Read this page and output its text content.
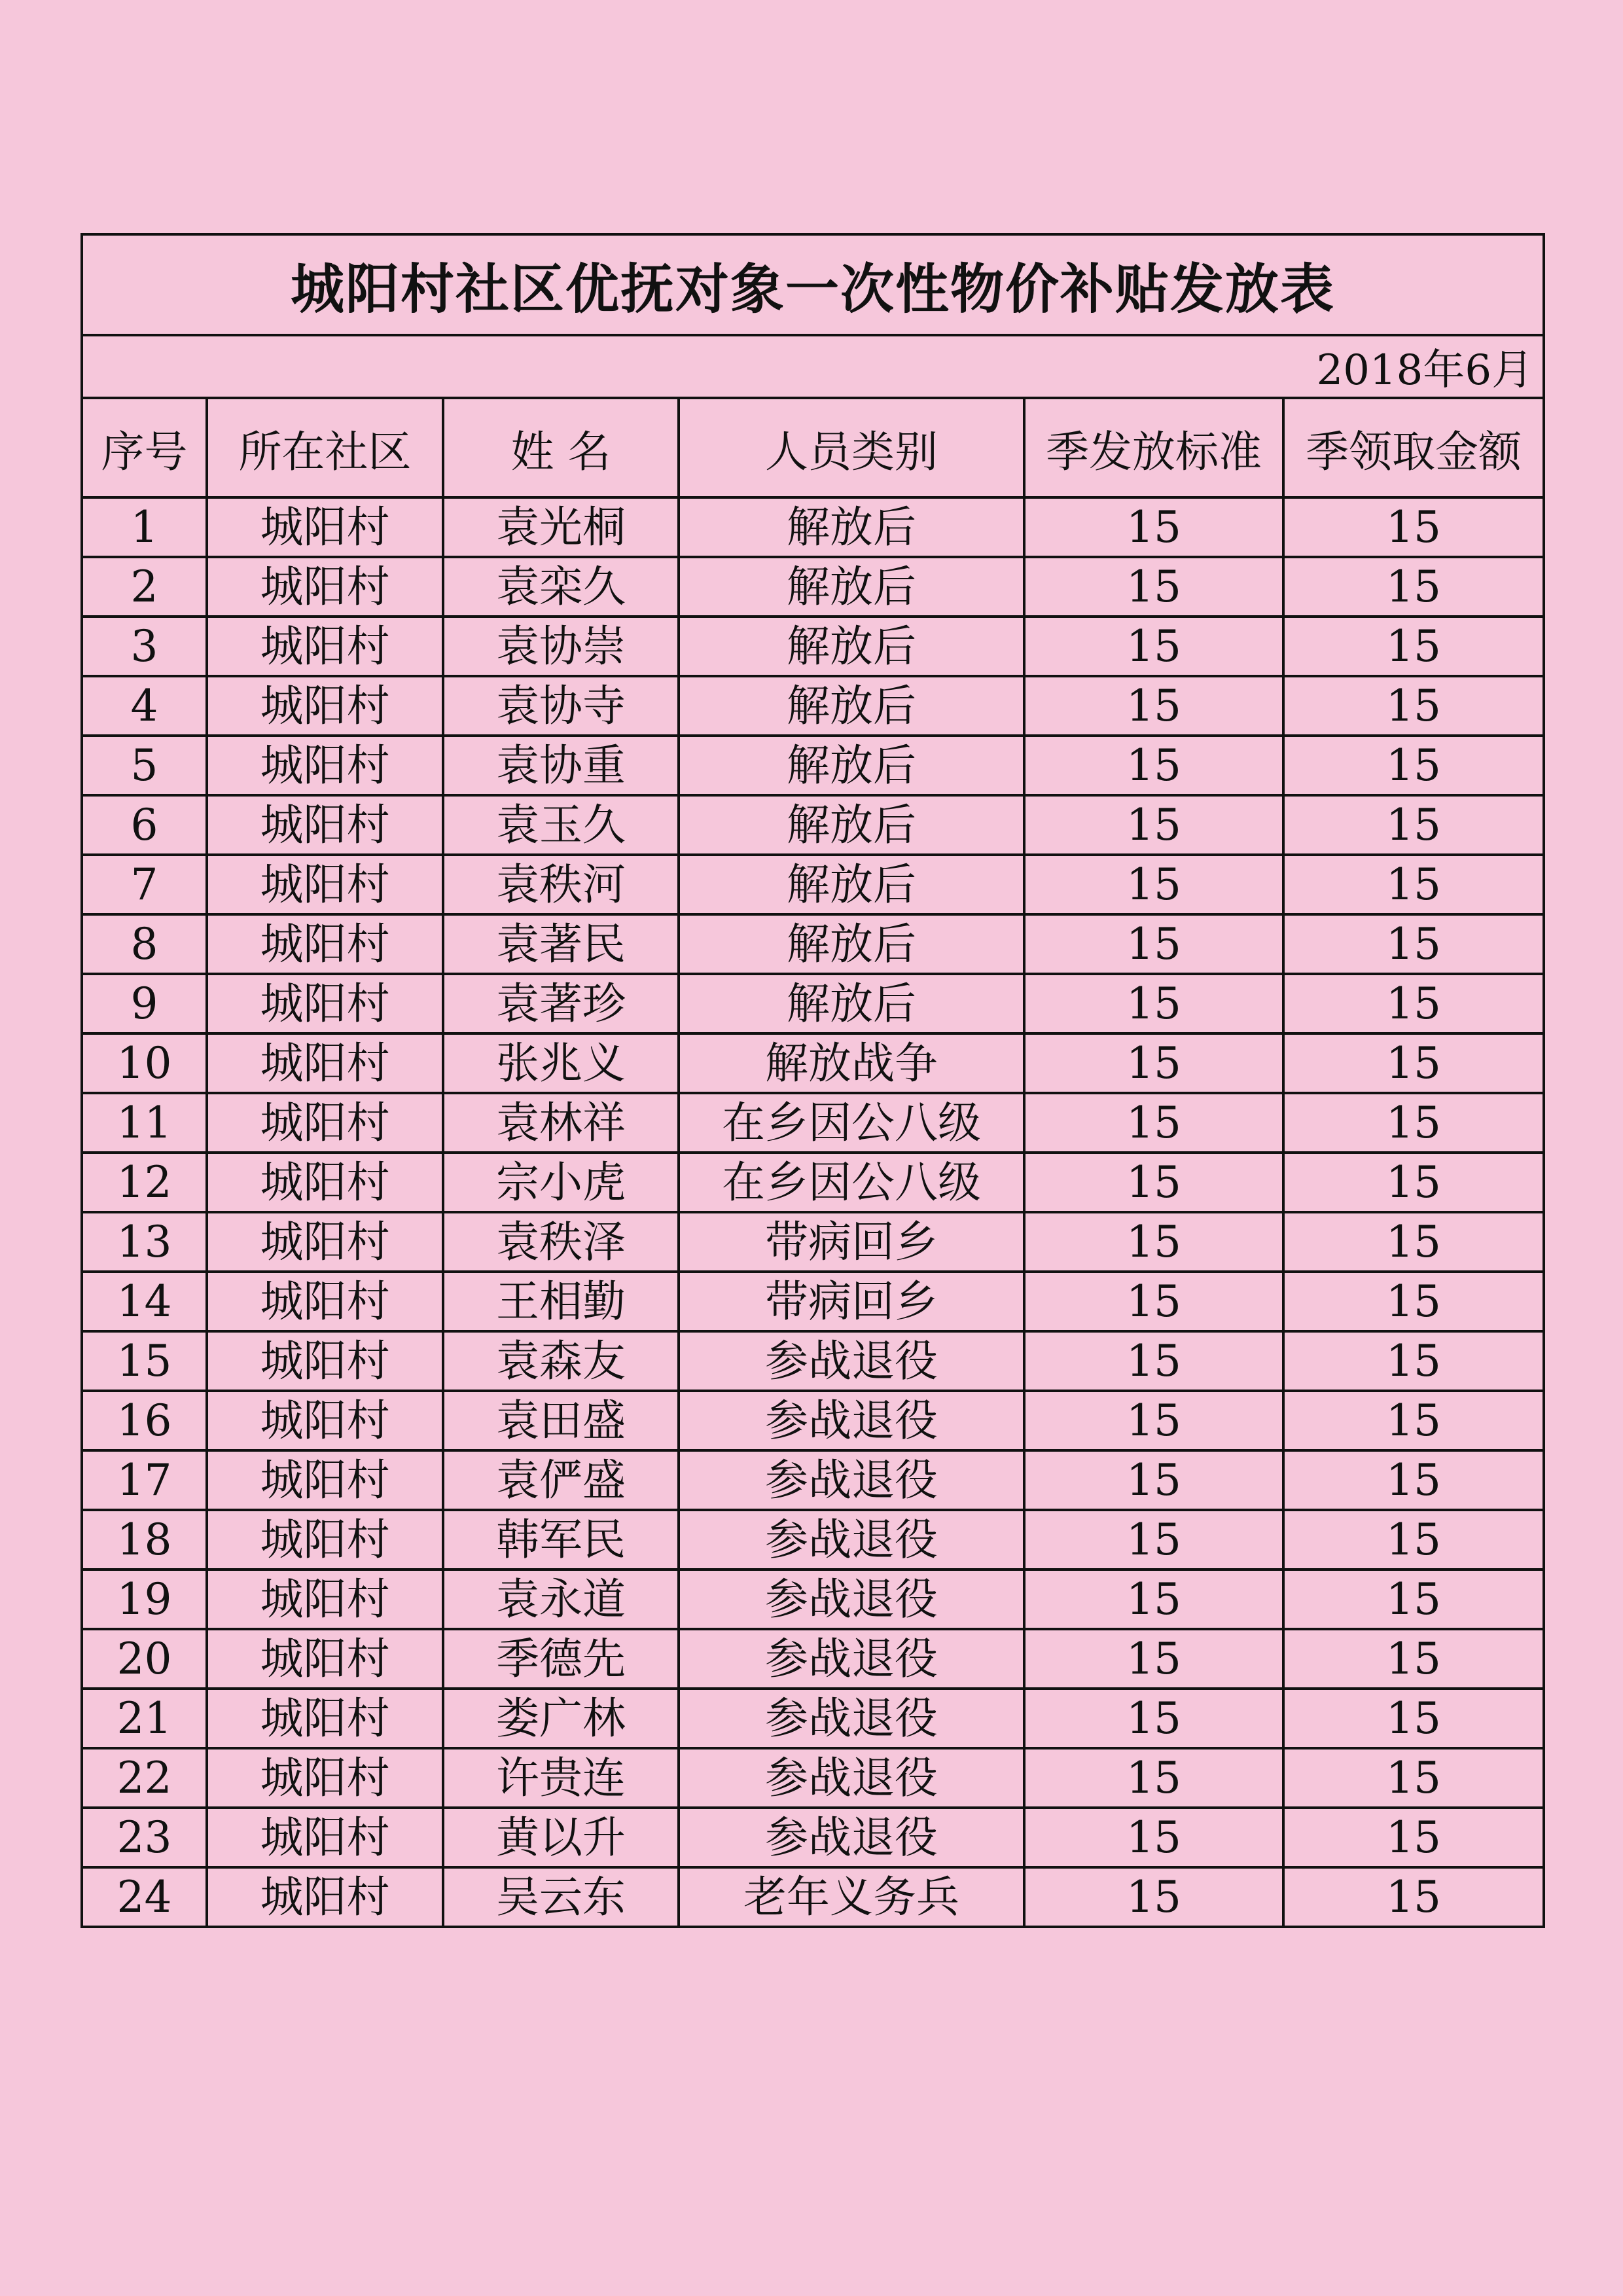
城阳村社区优抚对象一次性物价补贴发放表					
2018年6月					
序号	所在社区	姓 名	人员类别	季发放标准	季领取金额
1	城阳村	袁光桐	解放后	15	15
2	城阳村	袁栾久	解放后	15	15
3	城阳村	袁协崇	解放后	15	15
4	城阳村	袁协寺	解放后	15	15
5	城阳村	袁协重	解放后	15	15
6	城阳村	袁玉久	解放后	15	15
7	城阳村	袁秩河	解放后	15	15
8	城阳村	袁著民	解放后	15	15
9	城阳村	袁著珍	解放后	15	15
10	城阳村	张兆义	解放战争	15	15
11	城阳村	袁林祥	在乡因公八级	15	15
12	城阳村	宗小虎	在乡因公八级	15	15
13	城阳村	袁秩泽	带病回乡	15	15
14	城阳村	王相勤	带病回乡	15	15
15	城阳村	袁森友	参战退役	15	15
16	城阳村	袁田盛	参战退役	15	15
17	城阳村	袁俨盛	参战退役	15	15
18	城阳村	韩军民	参战退役	15	15
19	城阳村	袁永道	参战退役	15	15
20	城阳村	季德先	参战退役	15	15
21	城阳村	娄广林	参战退役	15	15
22	城阳村	许贵连	参战退役	15	15
23	城阳村	黄以升	参战退役	15	15
24	城阳村	吴云东	老年义务兵	15	15
